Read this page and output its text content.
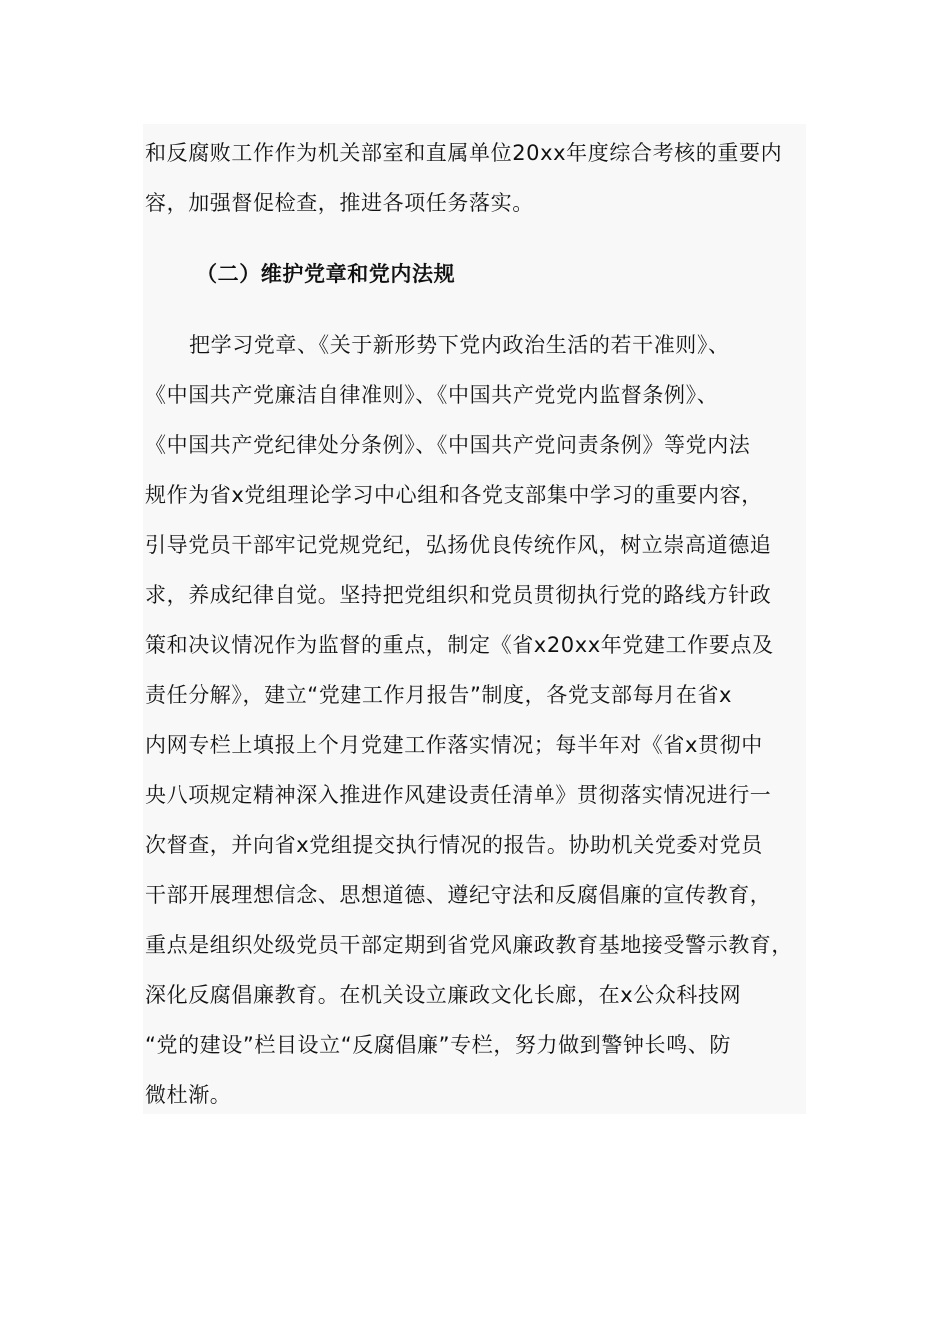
和反腐败工作作为机关部室和直属单位20xx年度综合考核的重要内
容，加强督促检查，推进各项任务落实。
（二）维护党章和党内法规
把学习党章、《关于新形势下党内政治生活的若干准则》、
《中国共产党廉洁自律准则》、《中国共产党党内监督条例》、
《中国共产党纪律处分条例》、《中国共产党问责条例》等党内法
规作为省x党组理论学习中心组和各党支部集中学习的重要内容，
引导党员干部牢记党规党纪，弘扬优良传统作风，树立崇高道德追
求，养成纪律自觉。坚持把党组织和党员贯彻执行党的路线方针政
策和决议情况作为监督的重点，制定《省x20xx年党建工作要点及
责任分解》，建立“党建工作月报告”制度，各党支部每月在省x
内网专栏上填报上个月党建工作落实情况；每半年对《省x贯彻中
央八项规定精神深入推进作风建设责任清单》贯彻落实情况进行一
次督查，并向省x党组提交执行情况的报告。协助机关党委对党员
干部开展理想信念、思想道德、遵纪守法和反腐倡廉的宣传教育，
重点是组织处级党员干部定期到省党风廉政教育基地接受警示教育，
深化反腐倡廉教育。在机关设立廉政文化长廊，在x公众科技网
“党的建设”栏目设立“反腐倡廉”专栏，努力做到警钟长鸣、防
微杜渐。
